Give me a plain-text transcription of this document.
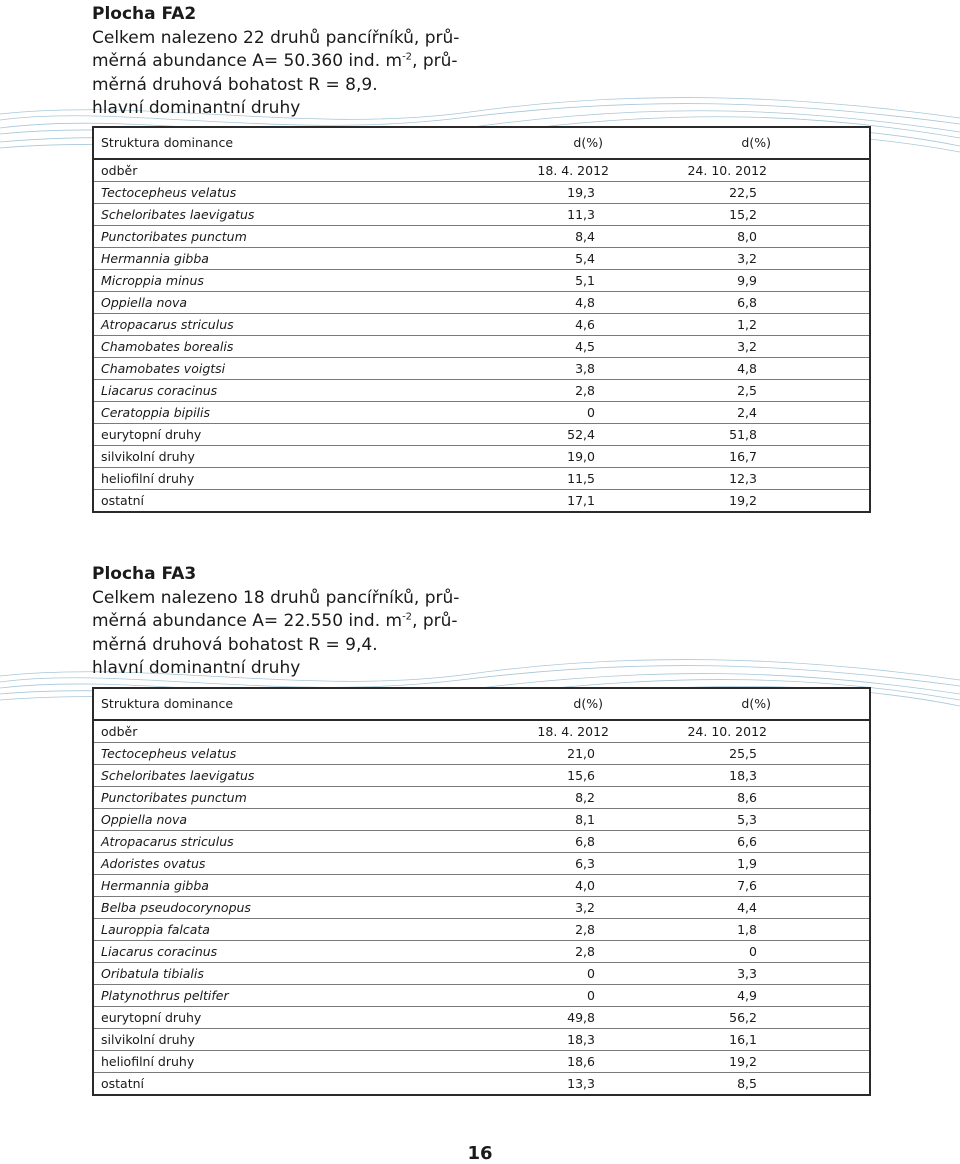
Plocha FA2
Celkem nalezeno 22 druhů pancířníků, prů-
měrná abundance A= 50.360 ind. $m^{-2}$, prů-
měrná druhová bohatost R = 8,9.
hlavní dominantní druhy
Struktura dominance	d(%)	d(%)
odběr	18. 4. 2012	24. 10. 2012
Tectocepheus velatus	19,3	22,5
Scheloribates laevigatus	11,3	15,2
Punctoribates punctum	8,4	8,0
Hermannia gibba	5,4	3,2
Microppia minus	5,1	9,9
Oppiella nova	4,8	6,8
Atropacarus striculus	4,6	1,2
Chamobates borealis	4,5	3,2
Chamobates voigtsi	3,8	4,8
Liacarus coracinus	2,8	2,5
Ceratoppia bipilis	0	2,4
eurytopní druhy	52,4	51,8
silvikolní druhy	19,0	16,7
heliofilní druhy	11,5	12,3
ostatní	17,1	19,2
Plocha FA3
Celkem nalezeno 18 druhů pancířníků, prů-
měrná abundance A= 22.550 ind. $m^{-2}$, prů-
měrná druhová bohatost R = 9,4.
hlavní dominantní druhy
Struktura dominance	d(%)	d(%)
odběr	18. 4. 2012	24. 10. 2012
Tectocepheus velatus	21,0	25,5
Scheloribates laevigatus	15,6	18,3
Punctoribates punctum	8,2	8,6
Oppiella nova	8,1	5,3
Atropacarus striculus	6,8	6,6
Adoristes ovatus	6,3	1,9
Hermannia gibba	4,0	7,6
Belba pseudocorynopus	3,2	4,4
Lauroppia falcata	2,8	1,8
Liacarus coracinus	2,8	0
Oribatula tibialis	0	3,3
Platynothrus peltifer	0	4,9
eurytopní druhy	49,8	56,2
silvikolní druhy	18,3	16,1
heliofilní druhy	18,6	19,2
ostatní	13,3	8,5
16
